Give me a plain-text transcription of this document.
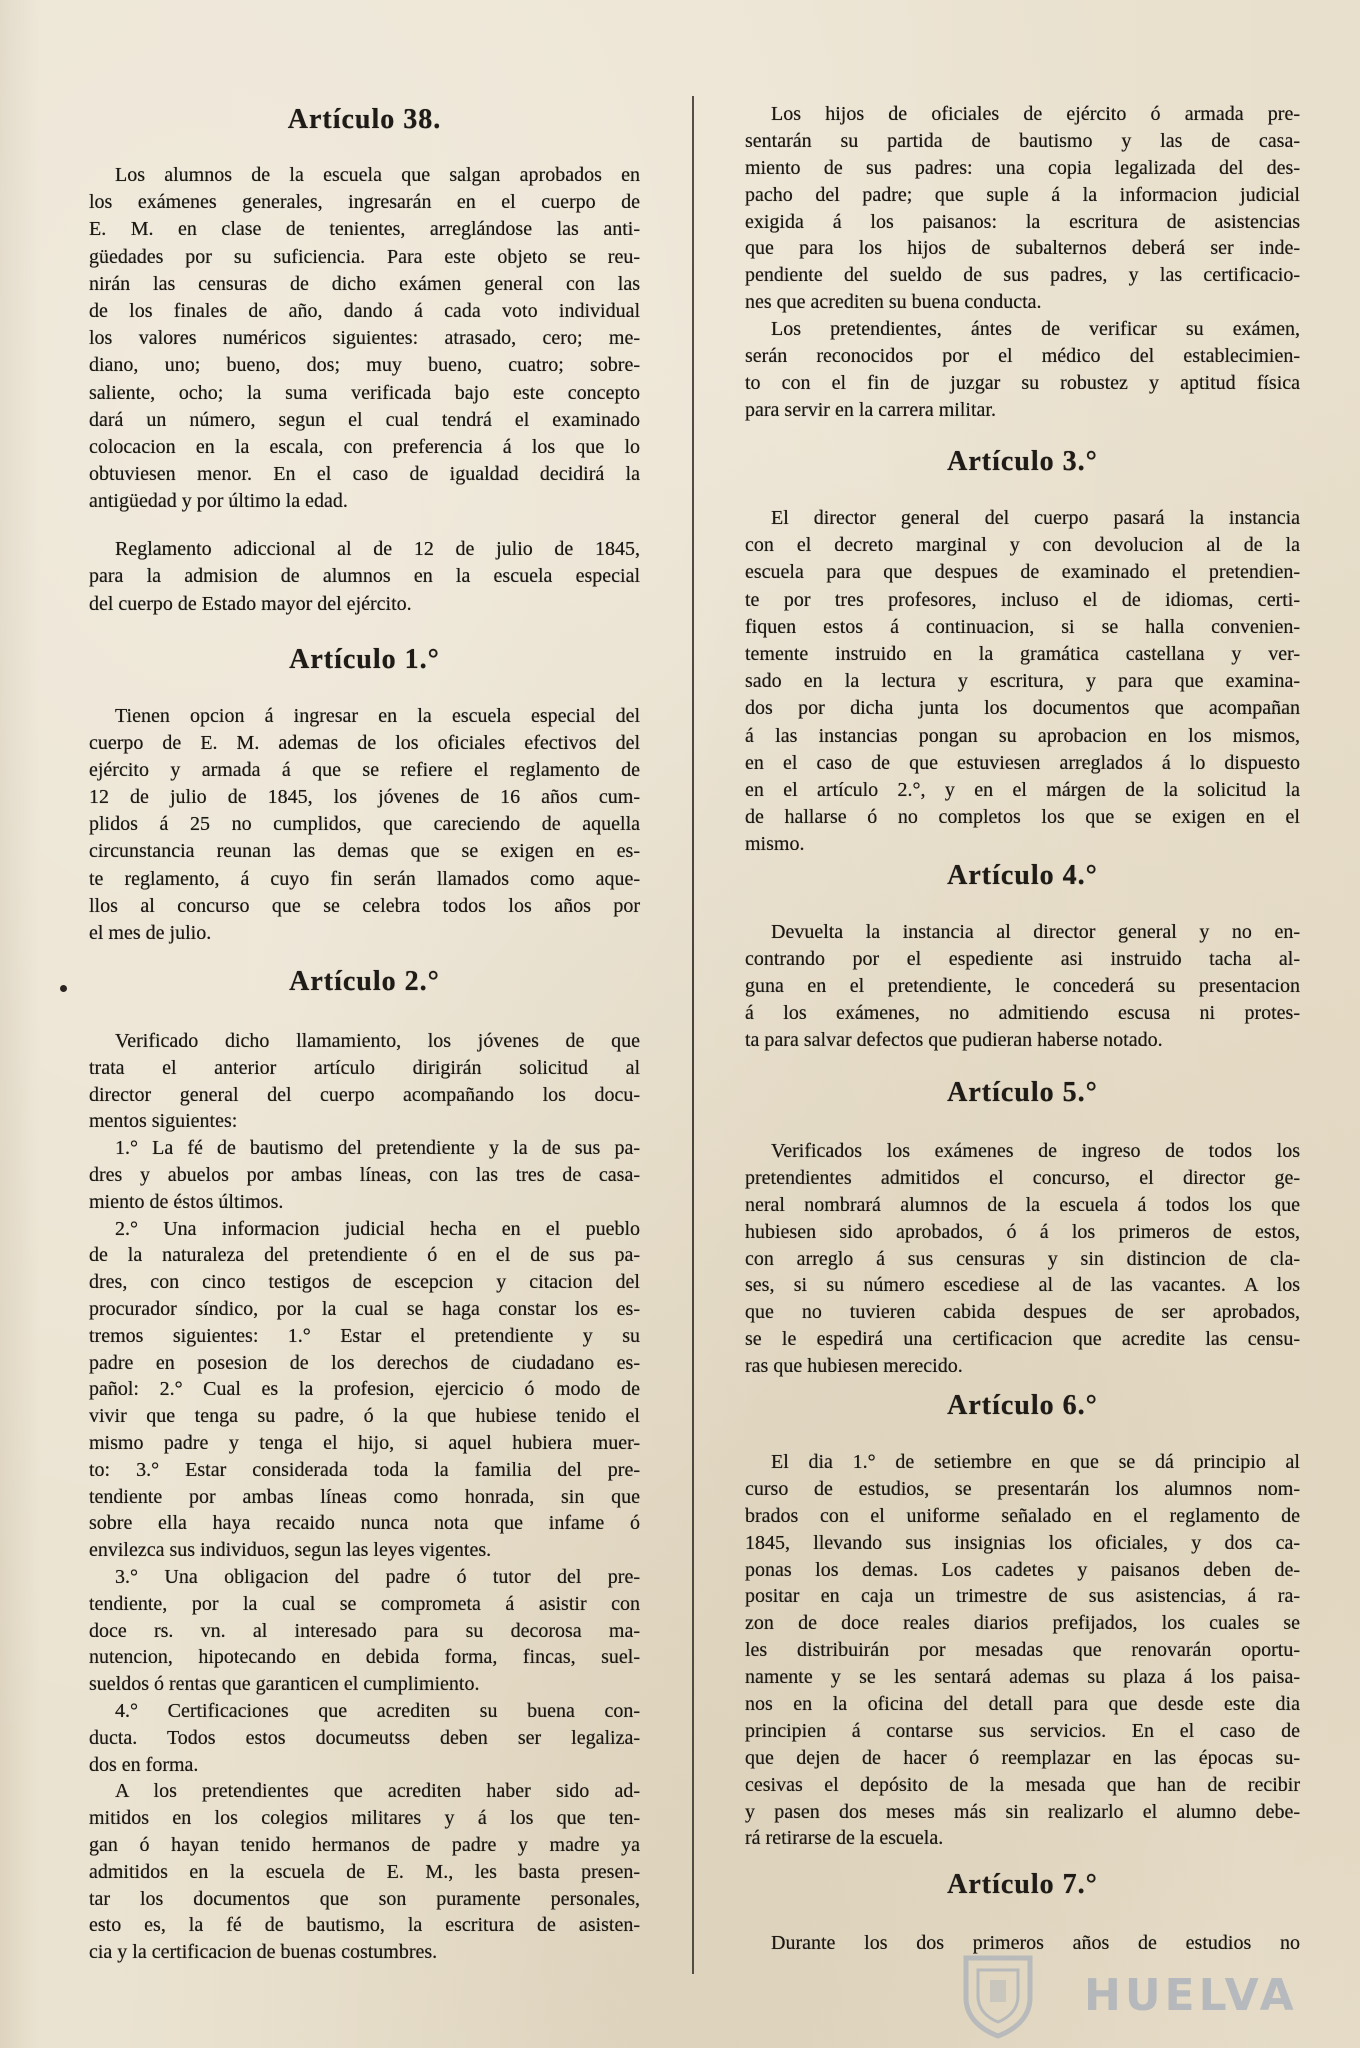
Artículo 38.
Los alumnos de la escuela que salgan aprobados en
los exámenes generales, ingresarán en el cuerpo de
E. M. en clase de tenientes, arreglándose las anti-
güedades por su suficiencia. Para este objeto se reu-
nirán las censuras de dicho exámen general con las
de los finales de año, dando á cada voto individual
los valores numéricos siguientes: atrasado, cero; me-
diano, uno; bueno, dos; muy bueno, cuatro; sobre-
saliente, ocho; la suma verificada bajo este concepto
dará un número, segun el cual tendrá el examinado
colocacion en la escala, con preferencia á los que lo
obtuviesen menor. En el caso de igualdad decidirá la
antigüedad y por último la edad.
Reglamento adiccional al de 12 de julio de 1845,
para la admision de alumnos en la escuela especial
del cuerpo de Estado mayor del ejército.
Artículo 1.°
Tienen opcion á ingresar en la escuela especial del
cuerpo de E. M. ademas de los oficiales efectivos del
ejército y armada á que se refiere el reglamento de
12 de julio de 1845, los jóvenes de 16 años cum-
plidos á 25 no cumplidos, que careciendo de aquella
circunstancia reunan las demas que se exigen en es-
te reglamento, á cuyo fin serán llamados como aque-
llos al concurso que se celebra todos los años por
el mes de julio.
Artículo 2.°
Verificado dicho llamamiento, los jóvenes de que
trata el anterior artículo dirigirán solicitud al
director general del cuerpo acompañando los docu-
mentos siguientes:
1.° La fé de bautismo del pretendiente y la de sus pa-
dres y abuelos por ambas líneas, con las tres de casa-
miento de éstos últimos.
2.° Una informacion judicial hecha en el pueblo
de la naturaleza del pretendiente ó en el de sus pa-
dres, con cinco testigos de escepcion y citacion del
procurador síndico, por la cual se haga constar los es-
tremos siguientes: 1.° Estar el pretendiente y su
padre en posesion de los derechos de ciudadano es-
pañol: 2.° Cual es la profesion, ejercicio ó modo de
vivir que tenga su padre, ó la que hubiese tenido el
mismo padre y tenga el hijo, si aquel hubiera muer-
to: 3.° Estar considerada toda la familia del pre-
tendiente por ambas líneas como honrada, sin que
sobre ella haya recaido nunca nota que infame ó
envilezca sus individuos, segun las leyes vigentes.
3.° Una obligacion del padre ó tutor del pre-
tendiente, por la cual se comprometa á asistir con
doce rs. vn. al interesado para su decorosa ma-
nutencion, hipotecando en debida forma, fincas, suel-
sueldos ó rentas que garanticen el cumplimiento.
4.° Certificaciones que acrediten su buena con-
ducta. Todos estos documeutss deben ser legaliza-
dos en forma.
A los pretendientes que acrediten haber sido ad-
mitidos en los colegios militares y á los que ten-
gan ó hayan tenido hermanos de padre y madre ya
admitidos en la escuela de E. M., les basta presen-
tar los documentos que son puramente personales,
esto es, la fé de bautismo, la escritura de asisten-
cia y la certificacion de buenas costumbres.
Los hijos de oficiales de ejército ó armada pre-
sentarán su partida de bautismo y las de casa-
miento de sus padres: una copia legalizada del des-
pacho del padre; que suple á la informacion judicial
exigida á los paisanos: la escritura de asistencias
que para los hijos de subalternos deberá ser inde-
pendiente del sueldo de sus padres, y las certificacio-
nes que acrediten su buena conducta.
Los pretendientes, ántes de verificar su exámen,
serán reconocidos por el médico del establecimien-
to con el fin de juzgar su robustez y aptitud física
para servir en la carrera militar.
Artículo 3.°
El director general del cuerpo pasará la instancia
con el decreto marginal y con devolucion al de la
escuela para que despues de examinado el pretendien-
te por tres profesores, incluso el de idiomas, certi-
fiquen estos á continuacion, si se halla convenien-
temente instruido en la gramática castellana y ver-
sado en la lectura y escritura, y para que examina-
dos por dicha junta los documentos que acompañan
á las instancias pongan su aprobacion en los mismos,
en el caso de que estuviesen arreglados á lo dispuesto
en el artículo 2.°, y en el márgen de la solicitud la
de hallarse ó no completos los que se exigen en el
mismo.
Artículo 4.°
Devuelta la instancia al director general y no en-
contrando por el espediente asi instruido tacha al-
guna en el pretendiente, le concederá su presentacion
á los exámenes, no admitiendo escusa ni protes-
ta para salvar defectos que pudieran haberse notado.
Artículo 5.°
Verificados los exámenes de ingreso de todos los
pretendientes admitidos el concurso, el director ge-
neral nombrará alumnos de la escuela á todos los que
hubiesen sido aprobados, ó á los primeros de estos,
con arreglo á sus censuras y sin distincion de cla-
ses, si su número escediese al de las vacantes. A los
que no tuvieren cabida despues de ser aprobados,
se le espedirá una certificacion que acredite las censu-
ras que hubiesen merecido.
Artículo 6.°
El dia 1.° de setiembre en que se dá principio al
curso de estudios, se presentarán los alumnos nom-
brados con el uniforme señalado en el reglamento de
1845, llevando sus insignias los oficiales, y dos ca-
ponas los demas. Los cadetes y paisanos deben de-
positar en caja un trimestre de sus asistencias, á ra-
zon de doce reales diarios prefijados, los cuales se
les distribuirán por mesadas que renovarán oportu-
namente y se les sentará ademas su plaza á los paisa-
nos en la oficina del detall para que desde este dia
principien á contarse sus servicios. En el caso de
que dejen de hacer ó reemplazar en las épocas su-
cesivas el depósito de la mesada que han de recibir
y pasen dos meses más sin realizarlo el alumno debe-
rá retirarse de la escuela.
Artículo 7.°
Durante los dos primeros años de estudios no
HUELVA
